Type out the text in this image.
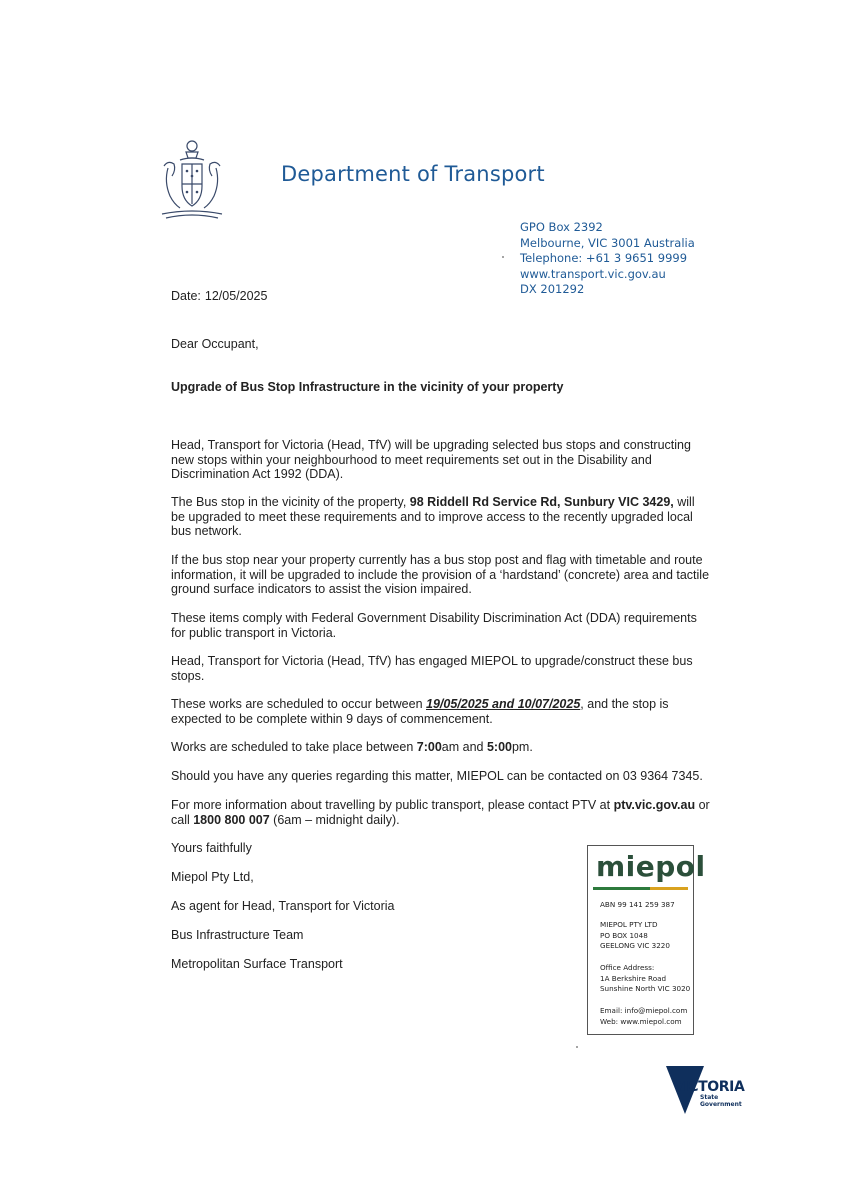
Department of Transport
GPO Box 2392
Melbourne, VIC 3001 Australia
Telephone: +61 3 9651 9999
www.transport.vic.gov.au
DX 201292
Date: 12/05/2025
Dear Occupant,
Upgrade of Bus Stop Infrastructure in the vicinity of your property

Head, Transport for Victoria (Head, TfV) will be upgrading selected bus stops and constructing new stops within your neighbourhood to meet requirements set out in the Disability and Discrimination Act 1992 (DDA).

The Bus stop in the vicinity of the property, 98 Riddell Rd Service Rd, Sunbury VIC 3429, will be upgraded to meet these requirements and to improve access to the recently upgraded local bus network.

If the bus stop near your property currently has a bus stop post and flag with timetable and route information, it will be upgraded to include the provision of a ‘hardstand’ (concrete) area and tactile ground surface indicators to assist the vision impaired.

These items comply with Federal Government Disability Discrimination Act (DDA) requirements for public transport in Victoria.

Head, Transport for Victoria (Head, TfV) has engaged MIEPOL to upgrade/construct these bus stops.

These works are scheduled to occur between 19/05/2025 and 10/07/2025, and the stop is expected to be complete within 9 days of commencement.

Works are scheduled to take place between 7:00am and 5:00pm.

Should you have any queries regarding this matter, MIEPOL can be contacted on 03 9364 7345.

For more information about travelling by public transport, please contact PTV at ptv.vic.gov.au or call 1800 800 007 (6am – midnight daily).

Yours faithfully
Miepol Pty Ltd,
As agent for Head, Transport for Victoria
Bus Infrastructure Team
Metropolitan Surface Transport
miepol
ABN 99 141 259 387
MIEPOL PTY LTD
PO BOX 1048
GEELONG VIC 3220
Office Address:
1A Berkshire Road
Sunshine North VIC 3020
Email: info@miepol.com
Web: www.miepol.com
VICTORIA
State
Government
